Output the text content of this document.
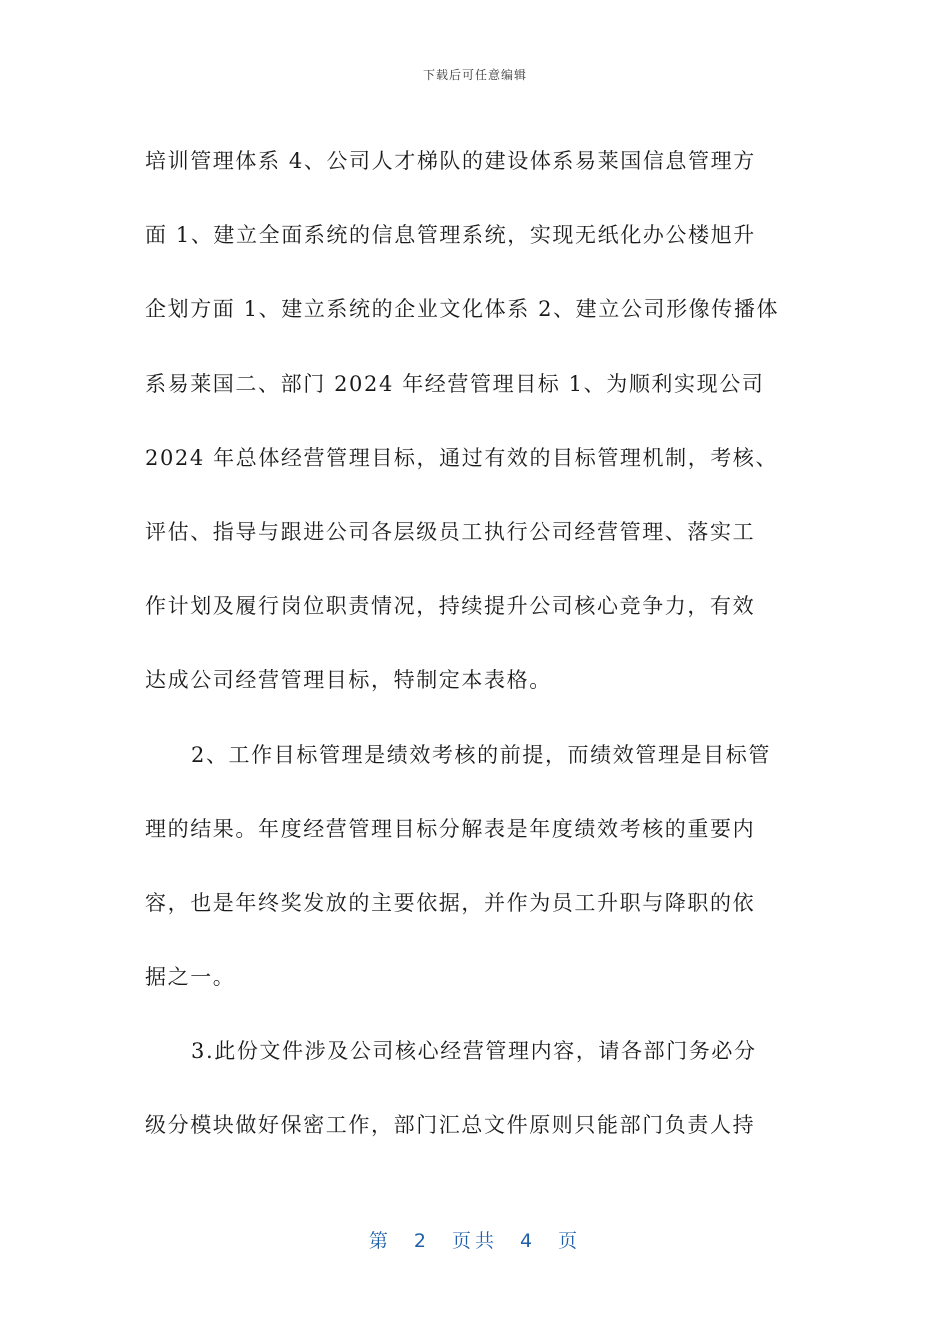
下载后可任意编辑
培训管理体系 4、公司人才梯队的建设体系易莱国信息管理方
面 1、建立全面系统的信息管理系统，实现无纸化办公楼旭升
企划方面 1、建立系统的企业文化体系 2、建立公司形像传播体
系易莱国二、部门 2024 年经营管理目标 1、为顺利实现公司
2024 年总体经营管理目标，通过有效的目标管理机制，考核、
评估、指导与跟进公司各层级员工执行公司经营管理、落实工
作计划及履行岗位职责情况，持续提升公司核心竞争力，有效
达成公司经营管理目标，特制定本表格。
2、工作目标管理是绩效考核的前提，而绩效管理是目标管
理的结果。年度经营管理目标分解表是年度绩效考核的重要内
容，也是年终奖发放的主要依据，并作为员工升职与降职的依
据之一。
3.此份文件涉及公司核心经营管理内容，请各部门务必分
级分模块做好保密工作，部门汇总文件原则只能部门负责人持
第 2 页共 4 页
